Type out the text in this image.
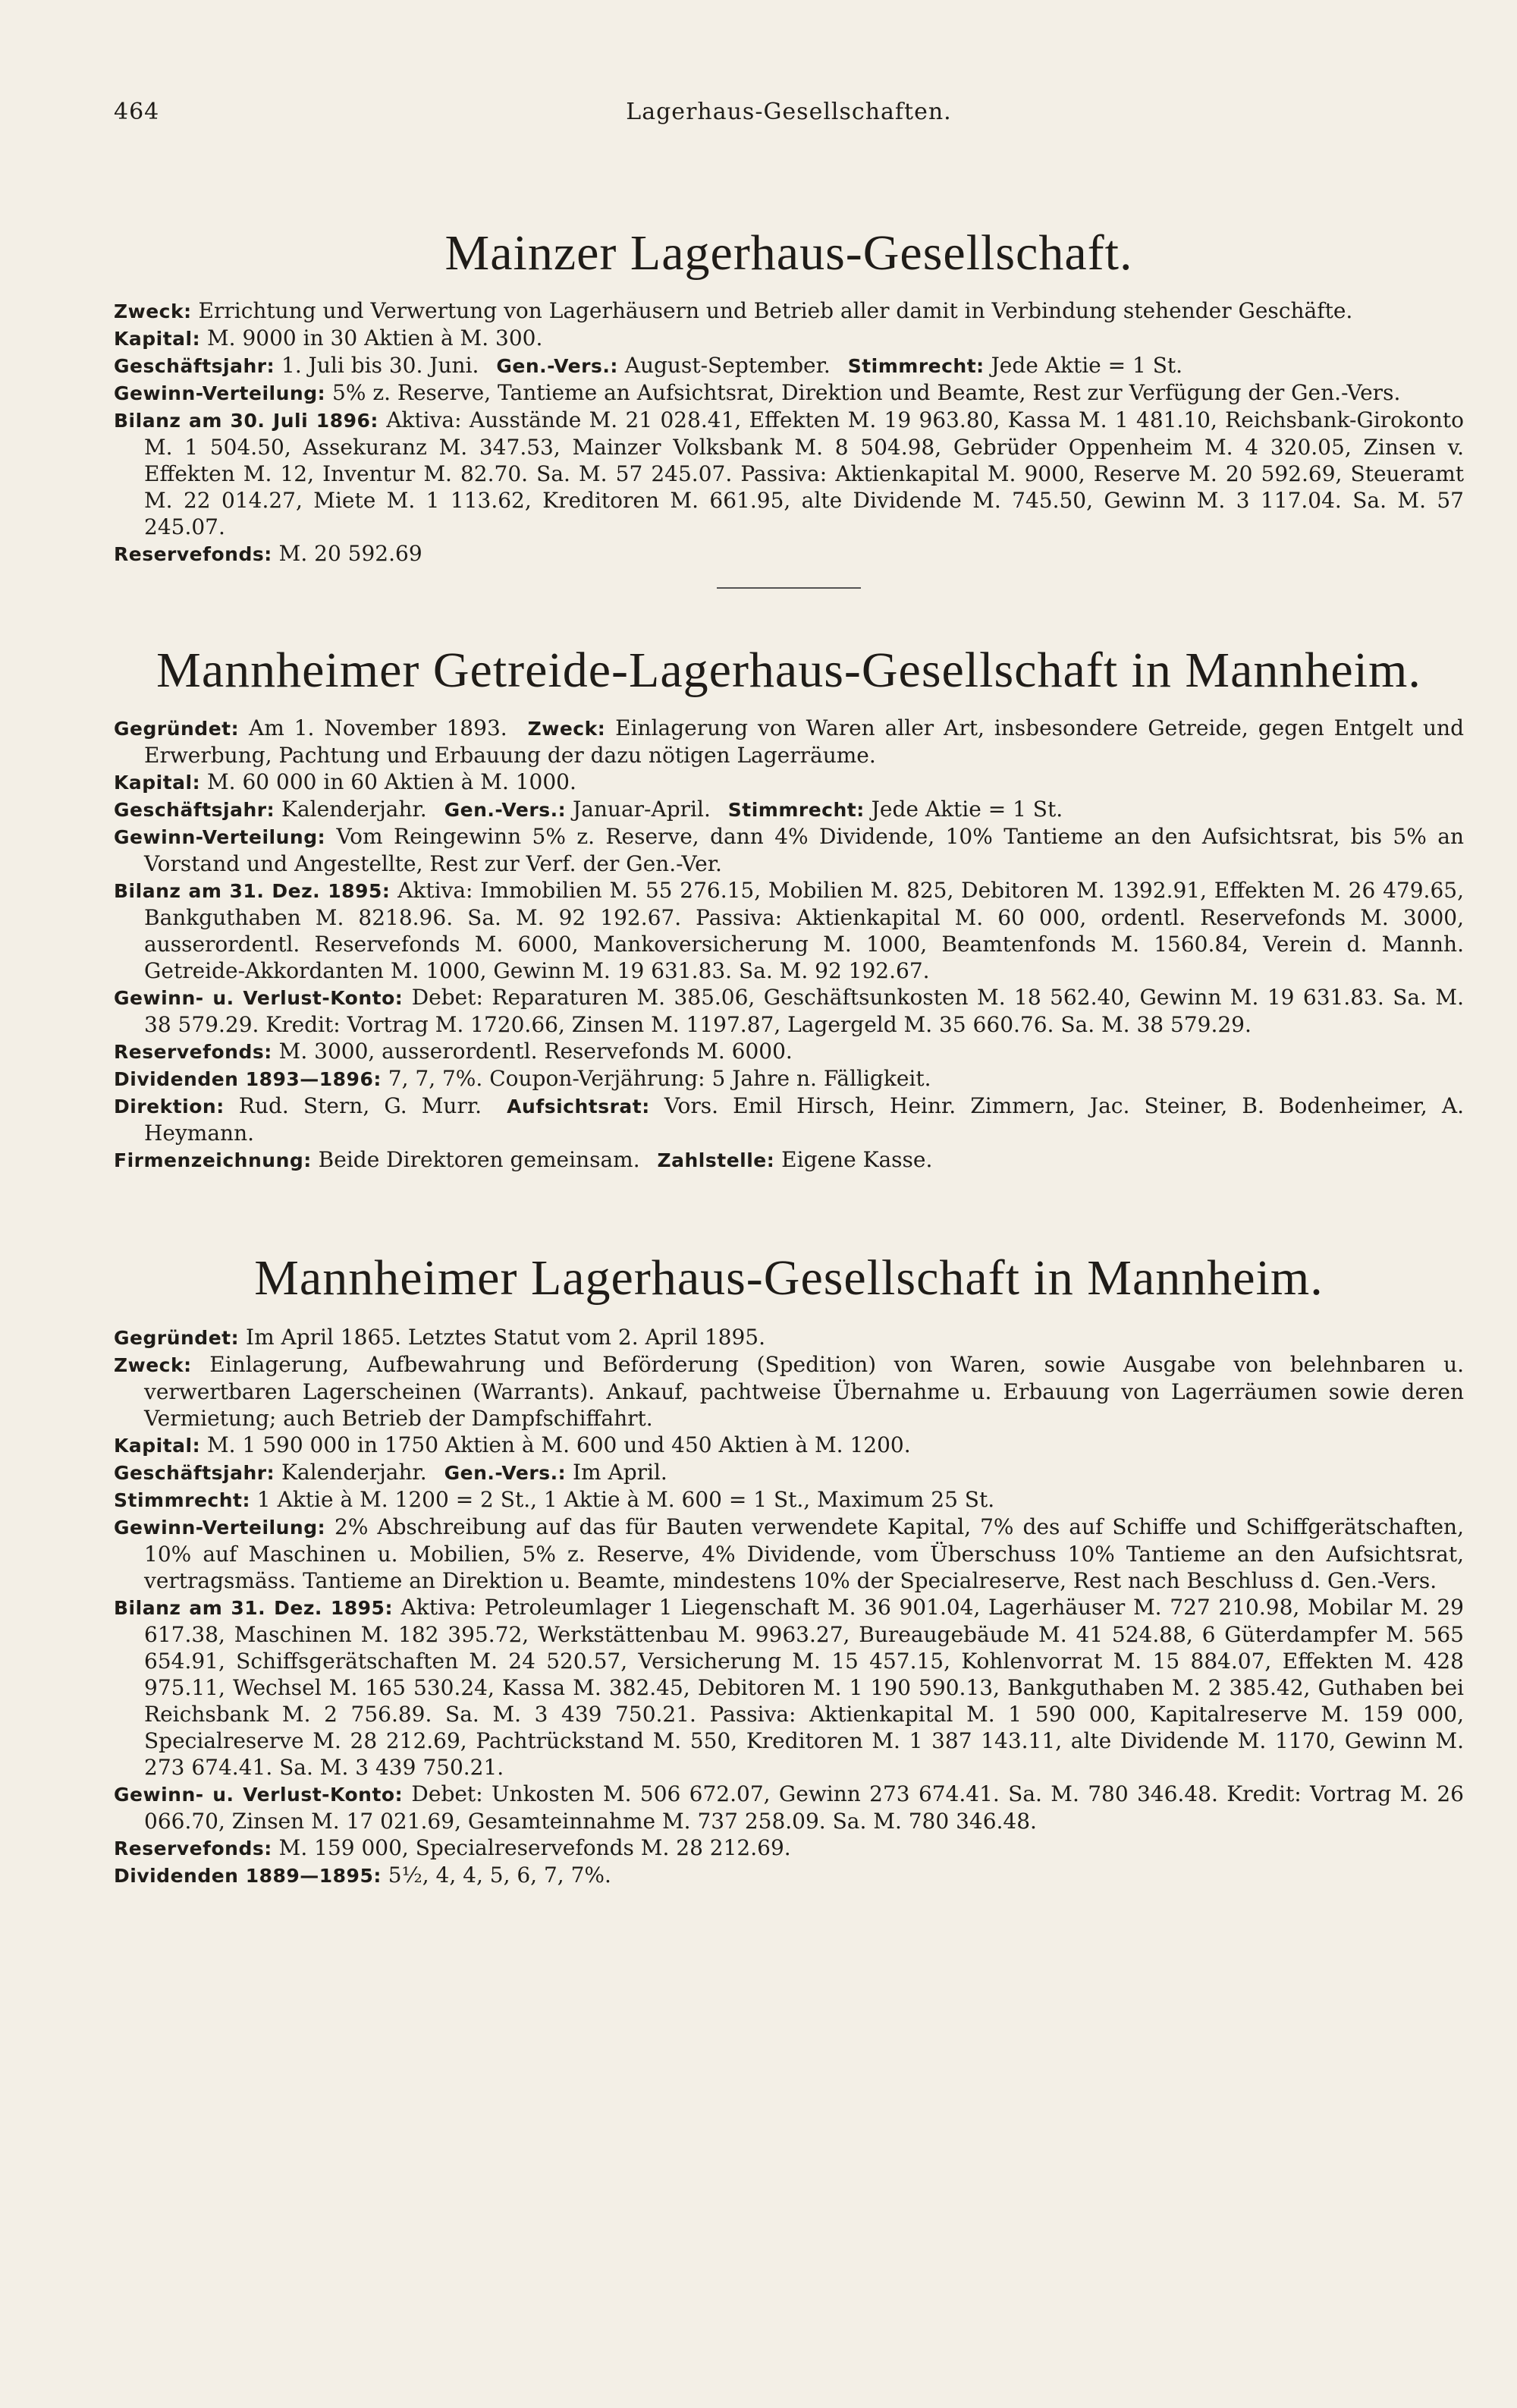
464	Lagerhaus-Gesellschaften.
Mainzer Lagerhaus-Gesellschaft.

Zweck: Errichtung und Verwertung von Lagerhäusern und Betrieb aller damit in Verbindung stehender Geschäfte.

Kapital: M. 9000 in 30 Aktien à M. 300.

Geschäftsjahr: 1. Juli bis 30. Juni. Gen.-Vers.: August-September. Stimmrecht: Jede Aktie = 1 St.

Gewinn-Verteilung: 5% z. Reserve, Tantieme an Aufsichtsrat, Direktion und Beamte, Rest zur Verfügung der Gen.-Vers.

Bilanz am 30. Juli 1896: Aktiva: Ausstände M. 21 028.41, Effekten M. 19 963.80, Kassa M. 1 481.10, Reichsbank-Girokonto M. 1 504.50, Assekuranz M. 347.53, Mainzer Volksbank M. 8 504.98, Gebrüder Oppenheim M. 4 320.05, Zinsen v. Effekten M. 12, Inventur M. 82.70. Sa. M. 57 245.07. Passiva: Aktienkapital M. 9000, Reserve M. 20 592.69, Steueramt M. 22 014.27, Miete M. 1 113.62, Kreditoren M. 661.95, alte Dividende M. 745.50, Gewinn M. 3 117.04. Sa. M. 57 245.07.

Reservefonds: M. 20 592.69

Mannheimer Getreide-Lagerhaus-Gesellschaft in Mannheim.

Gegründet: Am 1. November 1893. Zweck: Einlagerung von Waren aller Art, insbesondere Getreide, gegen Entgelt und Erwerbung, Pachtung und Erbauung der dazu nötigen Lagerräume.

Kapital: M. 60 000 in 60 Aktien à M. 1000.

Geschäftsjahr: Kalenderjahr. Gen.-Vers.: Januar-April. Stimmrecht: Jede Aktie = 1 St.

Gewinn-Verteilung: Vom Reingewinn 5% z. Reserve, dann 4% Dividende, 10% Tantieme an den Aufsichtsrat, bis 5% an Vorstand und Angestellte, Rest zur Verf. der Gen.-Ver.

Bilanz am 31. Dez. 1895: Aktiva: Immobilien M. 55 276.15, Mobilien M. 825, Debitoren M. 1392.91, Effekten M. 26 479.65, Bankguthaben M. 8218.96. Sa. M. 92 192.67. Passiva: Aktienkapital M. 60 000, ordentl. Reservefonds M. 3000, ausserordentl. Reservefonds M. 6000, Mankoversicherung M. 1000, Beamtenfonds M. 1560.84, Verein d. Mannh. Getreide-Akkordanten M. 1000, Gewinn M. 19 631.83. Sa. M. 92 192.67.

Gewinn- u. Verlust-Konto: Debet: Reparaturen M. 385.06, Geschäftsunkosten M. 18 562.40, Gewinn M. 19 631.83. Sa. M. 38 579.29. Kredit: Vortrag M. 1720.66, Zinsen M. 1197.87, Lagergeld M. 35 660.76. Sa. M. 38 579.29.

Reservefonds: M. 3000, ausserordentl. Reservefonds M. 6000.

Dividenden 1893—1896: 7, 7, 7%. Coupon-Verjährung: 5 Jahre n. Fälligkeit.

Direktion: Rud. Stern, G. Murr. Aufsichtsrat: Vors. Emil Hirsch, Heinr. Zimmern, Jac. Steiner, B. Bodenheimer, A. Heymann.

Firmenzeichnung: Beide Direktoren gemeinsam. Zahlstelle: Eigene Kasse.

Mannheimer Lagerhaus-Gesellschaft in Mannheim.

Gegründet: Im April 1865. Letztes Statut vom 2. April 1895.

Zweck: Einlagerung, Aufbewahrung und Beförderung (Spedition) von Waren, sowie Ausgabe von belehnbaren u. verwertbaren Lagerscheinen (Warrants). Ankauf, pachtweise Übernahme u. Erbauung von Lagerräumen sowie deren Vermietung; auch Betrieb der Dampfschiffahrt.

Kapital: M. 1 590 000 in 1750 Aktien à M. 600 und 450 Aktien à M. 1200.

Geschäftsjahr: Kalenderjahr. Gen.-Vers.: Im April.

Stimmrecht: 1 Aktie à M. 1200 = 2 St., 1 Aktie à M. 600 = 1 St., Maximum 25 St.

Gewinn-Verteilung: 2% Abschreibung auf das für Bauten verwendete Kapital, 7% des auf Schiffe und Schiffgerätschaften, 10% auf Maschinen u. Mobilien, 5% z. Reserve, 4% Dividende, vom Überschuss 10% Tantieme an den Aufsichtsrat, vertragsmäss. Tantieme an Direktion u. Beamte, mindestens 10% der Specialreserve, Rest nach Beschluss d. Gen.-Vers.

Bilanz am 31. Dez. 1895: Aktiva: Petroleumlager 1 Liegenschaft M. 36 901.04, Lagerhäuser M. 727 210.98, Mobilar M. 29 617.38, Maschinen M. 182 395.72, Werkstättenbau M. 9963.27, Bureaugebäude M. 41 524.88, 6 Güterdampfer M. 565 654.91, Schiffsgerätschaften M. 24 520.57, Versicherung M. 15 457.15, Kohlenvorrat M. 15 884.07, Effekten M. 428 975.11, Wechsel M. 165 530.24, Kassa M. 382.45, Debitoren M. 1 190 590.13, Bankguthaben M. 2 385.42, Guthaben bei Reichsbank M. 2 756.89. Sa. M. 3 439 750.21. Passiva: Aktienkapital M. 1 590 000, Kapitalreserve M. 159 000, Specialreserve M. 28 212.69, Pachtrückstand M. 550, Kreditoren M. 1 387 143.11, alte Dividende M. 1170, Gewinn M. 273 674.41. Sa. M. 3 439 750.21.

Gewinn- u. Verlust-Konto: Debet: Unkosten M. 506 672.07, Gewinn 273 674.41. Sa. M. 780 346.48. Kredit: Vortrag M. 26 066.70, Zinsen M. 17 021.69, Gesamteinnahme M. 737 258.09. Sa. M. 780 346.48.

Reservefonds: M. 159 000, Specialreservefonds M. 28 212.69.

Dividenden 1889—1895: 5½, 4, 4, 5, 6, 7, 7%.
